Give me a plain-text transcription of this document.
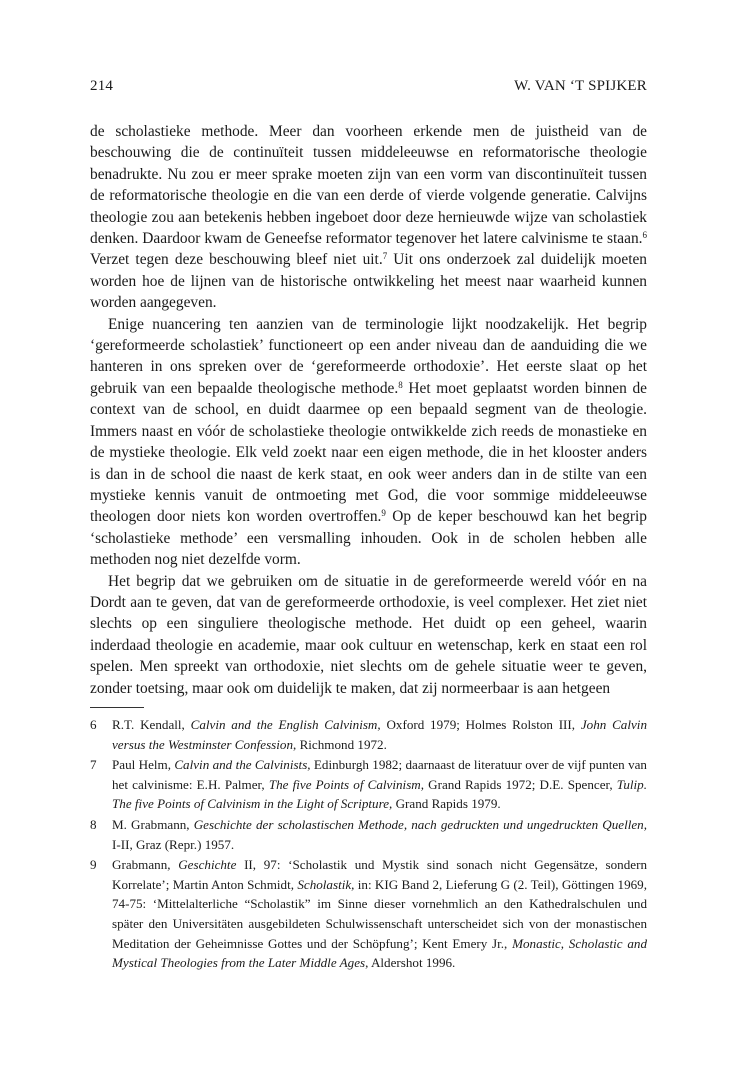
214	W. VAN ‘T SPIJKER

de scholastieke methode. Meer dan voorheen erkende men de juistheid van de beschouwing die de continuïteit tussen middeleeuwse en reformatorische theologie benadrukte. Nu zou er meer sprake moeten zijn van een vorm van discontinuïteit tussen de reformatorische theologie en die van een derde of vierde volgende generatie. Calvijns theologie zou aan betekenis hebben ingeboet door deze hernieuwde wijze van scholastiek denken. Daardoor kwam de Geneefse reformator tegenover het latere calvinisme te staan.$^6$ Verzet tegen deze beschouwing bleef niet uit.$^7$ Uit ons onderzoek zal duidelijk moeten worden hoe de lijnen van de historische ontwikkeling het meest naar waarheid kunnen worden aangegeven.

Enige nuancering ten aanzien van de terminologie lijkt noodzakelijk. Het begrip ‘gereformeerde scholastiek’ functioneert op een ander niveau dan de aanduiding die we hanteren in ons spreken over de ‘gereformeerde orthodoxie’. Het eerste slaat op het gebruik van een bepaalde theologische methode.$^8$ Het moet geplaatst worden binnen de context van de school, en duidt daarmee op een bepaald segment van de theologie. Immers naast en vóór de scholastieke theologie ontwikkelde zich reeds de monastieke en de mystieke theologie. Elk veld zoekt naar een eigen methode, die in het klooster anders is dan in de school die naast de kerk staat, en ook weer anders dan in de stilte van een mystieke kennis vanuit de ontmoeting met God, die voor sommige middeleeuwse theologen door niets kon worden overtroffen.$^9$ Op de keper beschouwd kan het begrip ‘scholastieke methode’ een versmalling inhouden. Ook in de scholen hebben alle methoden nog niet dezelfde vorm.

Het begrip dat we gebruiken om de situatie in de gereformeerde wereld vóór en na Dordt aan te geven, dat van de gereformeerde orthodoxie, is veel complexer. Het ziet niet slechts op een singuliere theologische methode. Het duidt op een geheel, waarin inderdaad theologie en academie, maar ook cultuur en wetenschap, kerk en staat een rol spelen. Men spreekt van orthodoxie, niet slechts om de gehele situatie weer te geven, zonder toetsing, maar ook om duidelijk te maken, dat zij normeerbaar is aan hetgeen

6	R.T. Kendall, Calvin and the English Calvinism, Oxford 1979; Holmes Rolston III, John Calvin versus the Westminster Confession, Richmond 1972.
7	Paul Helm, Calvin and the Calvinists, Edinburgh 1982; daarnaast de literatuur over de vijf punten van het calvinisme: E.H. Palmer, The five Points of Calvinism, Grand Rapids 1972; D.E. Spencer, Tulip. The five Points of Calvinism in the Light of Scripture, Grand Rapids 1979.
8	M. Grabmann, Geschichte der scholastischen Methode, nach gedruckten und ungedruckten Quellen, I-II, Graz (Repr.) 1957.
9	Grabmann, Geschichte II, 97: ‘Scholastik und Mystik sind sonach nicht Gegensätze, sondern Korrelate’; Martin Anton Schmidt, Scholastik, in: KIG Band 2, Lieferung G (2. Teil), Göttingen 1969, 74-75: ‘Mittelalterliche “Scholastik” im Sinne dieser vornehmlich an den Kathedralschulen und später den Universitäten ausgebildeten Schulwissenschaft unterscheidet sich von der monastischen Meditation der Geheimnisse Gottes und der Schöpfung’; Kent Emery Jr., Monastic, Scholastic and Mystical Theologies from the Later Middle Ages, Aldershot 1996.
